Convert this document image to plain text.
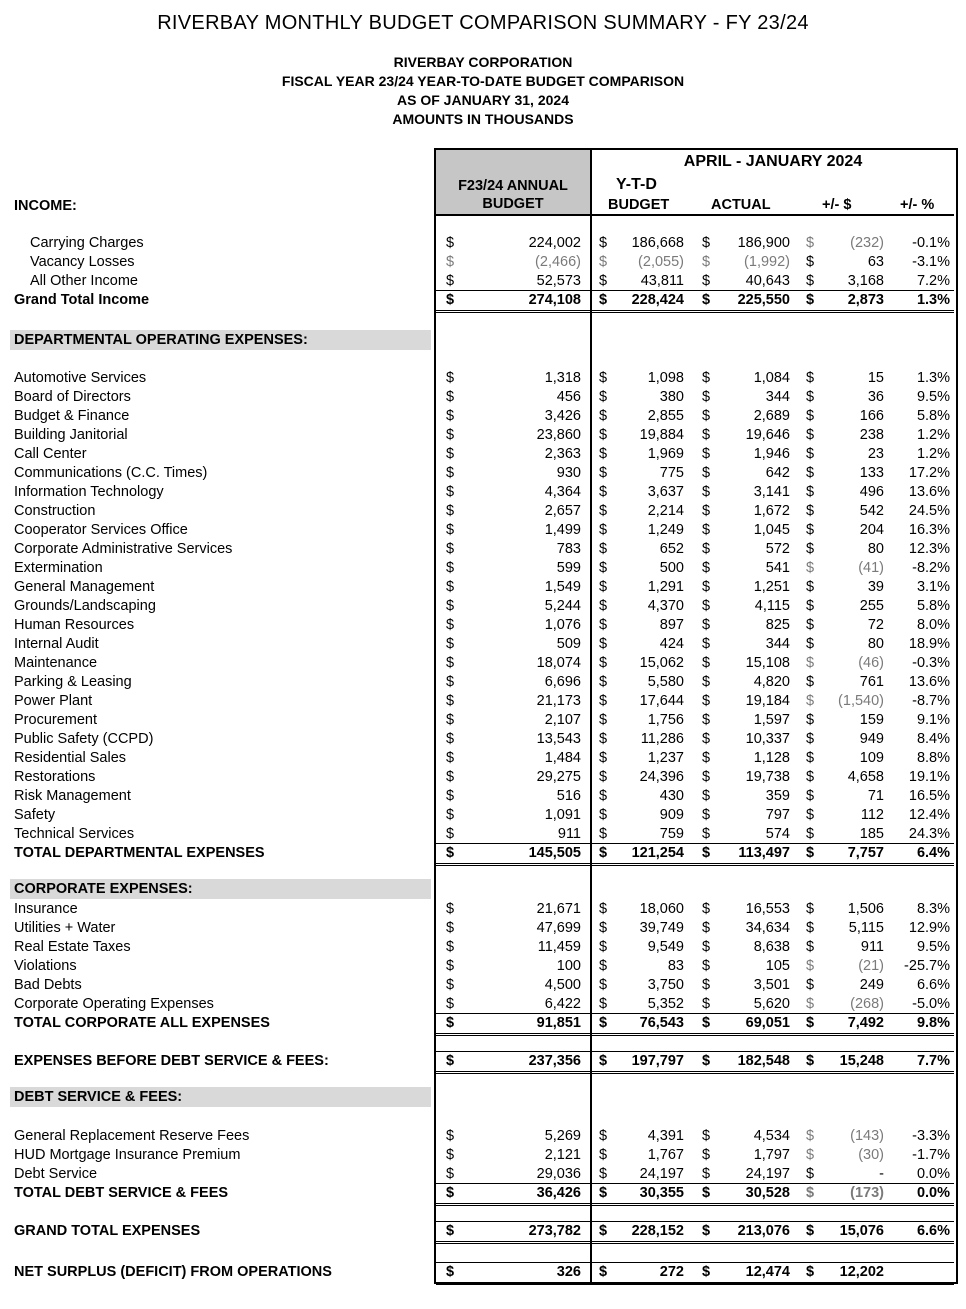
RIVERBAY MONTHLY BUDGET COMPARISON SUMMARY - FY 23/24
RIVERBAY CORPORATION
FISCAL YEAR 23/24 YEAR-TO-DATE BUDGET COMPARISON
AS OF JANUARY 31, 2024
AMOUNTS IN THOUSANDS
APRIL - JANUARY 2024
F23/24 ANNUAL
BUDGET
Y-T-D
BUDGET	ACTUAL	+/- $	+/- %
INCOME:
Carrying Charges	$	224,002 $	186,668 $	186,900 $	(232)	-0.1%
Vacancy Losses	$	(2,466) $	(2,055) $	(1,992) $	63	-3.1%
All Other Income	$	52,573 $	43,811 $	40,643 $	3,168	7.2%
Grand Total Income	$	274,108 $	228,424 $	225,550 $	2,873	1.3%
DEPARTMENTAL OPERATING EXPENSES:
Automotive Services	$	1,318 $	1,098 $	1,084 $	15	1.3%
Board of Directors	$	456 $	380 $	344 $	36	9.5%
Budget & Finance	$	3,426 $	2,855 $	2,689 $	166	5.8%
Building Janitorial	$	23,860 $	19,884 $	19,646 $	238	1.2%
Call Center	$	2,363 $	1,969 $	1,946 $	23	1.2%
Communications (C.C. Times)	$	930 $	775 $	642 $	133	17.2%
Information Technology	$	4,364 $	3,637 $	3,141 $	496	13.6%
Construction	$	2,657 $	2,214 $	1,672 $	542	24.5%
Cooperator Services Office	$	1,499 $	1,249 $	1,045 $	204	16.3%
Corporate Administrative Services	$	783 $	652 $	572 $	80	12.3%
Extermination	$	599 $	500 $	541 $	(41)	-8.2%
General Management	$	1,549 $	1,291 $	1,251 $	39	3.1%
Grounds/Landscaping	$	5,244 $	4,370 $	4,115 $	255	5.8%
Human Resources	$	1,076 $	897 $	825 $	72	8.0%
Internal Audit	$	509 $	424 $	344 $	80	18.9%
Maintenance	$	18,074 $	15,062 $	15,108 $	(46)	-0.3%
Parking & Leasing	$	6,696 $	5,580 $	4,820 $	761	13.6%
Power Plant	$	21,173 $	17,644 $	19,184 $	(1,540)	-8.7%
Procurement	$	2,107 $	1,756 $	1,597 $	159	9.1%
Public Safety (CCPD)	$	13,543 $	11,286 $	10,337 $	949	8.4%
Residential Sales	$	1,484 $	1,237 $	1,128 $	109	8.8%
Restorations	$	29,275 $	24,396 $	19,738 $	4,658	19.1%
Risk Management	$	516 $	430 $	359 $	71	16.5%
Safety	$	1,091 $	909 $	797 $	112	12.4%
Technical Services	$	911 $	759 $	574 $	185	24.3%
TOTAL DEPARTMENTAL EXPENSES	$	145,505 $	121,254 $	113,497 $	7,757	6.4%
CORPORATE EXPENSES:
Insurance	$	21,671 $	18,060 $	16,553 $	1,506	8.3%
Utilities + Water	$	47,699 $	39,749 $	34,634 $	5,115	12.9%
Real Estate Taxes	$	11,459 $	9,549 $	8,638 $	911	9.5%
Violations	$	100 $	83 $	105 $	(21)	-25.7%
Bad Debts	$	4,500 $	3,750 $	3,501 $	249	6.6%
Corporate Operating Expenses	$	6,422 $	5,352 $	5,620 $	(268)	-5.0%
TOTAL CORPORATE ALL EXPENSES	$	91,851 $	76,543 $	69,051 $	7,492	9.8%
EXPENSES BEFORE DEBT SERVICE & FEES:	$	237,356 $	197,797 $	182,548 $	15,248	7.7%
DEBT SERVICE & FEES:
General Replacement Reserve Fees	$	5,269 $	4,391 $	4,534 $	(143)	-3.3%
HUD Mortgage Insurance Premium	$	2,121 $	1,767 $	1,797 $	(30)	-1.7%
Debt Service	$	29,036 $	24,197 $	24,197 $	-	0.0%
TOTAL DEBT SERVICE & FEES	$	36,426 $	30,355 $	30,528 $	(173)	0.0%
GRAND TOTAL EXPENSES	$	273,782 $	228,152 $	213,076 $	15,076	6.6%
NET SURPLUS (DEFICIT) FROM OPERATIONS	$	326 $	272 $	12,474 $	12,202
